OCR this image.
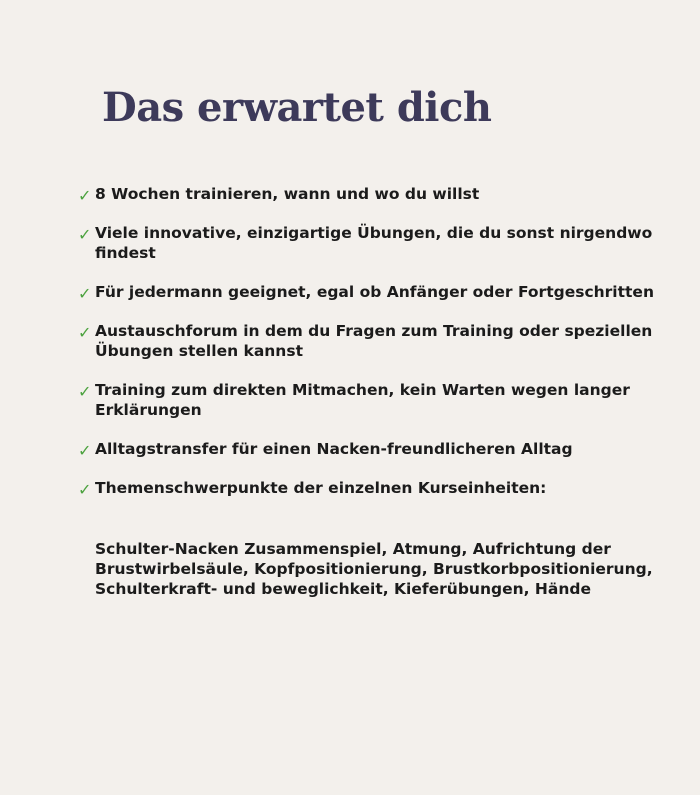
Das erwartet dich
✓ 8 Wochen trainieren, wann und wo du willst
✓ Viele innovative, einzigartige Übungen, die du sonst nirgendwo findest
✓ Für jedermann geeignet, egal ob Anfänger oder Fortgeschritten
✓ Austauschforum in dem du Fragen zum Training oder speziellen Übungen stellen kannst
✓ Training zum direkten Mitmachen, kein Warten wegen langer Erklärungen
✓ Alltagstransfer für einen Nacken-freundlicheren Alltag
✓ Themenschwerpunkte der einzelnen Kurseinheiten:

Schulter-Nacken Zusammenspiel, Atmung, Aufrichtung der Brustwirbelsäule, Kopfpositionierung, Brustkorbpositionierung, Schulterkraft- und beweglichkeit, Kieferübungen, Hände
